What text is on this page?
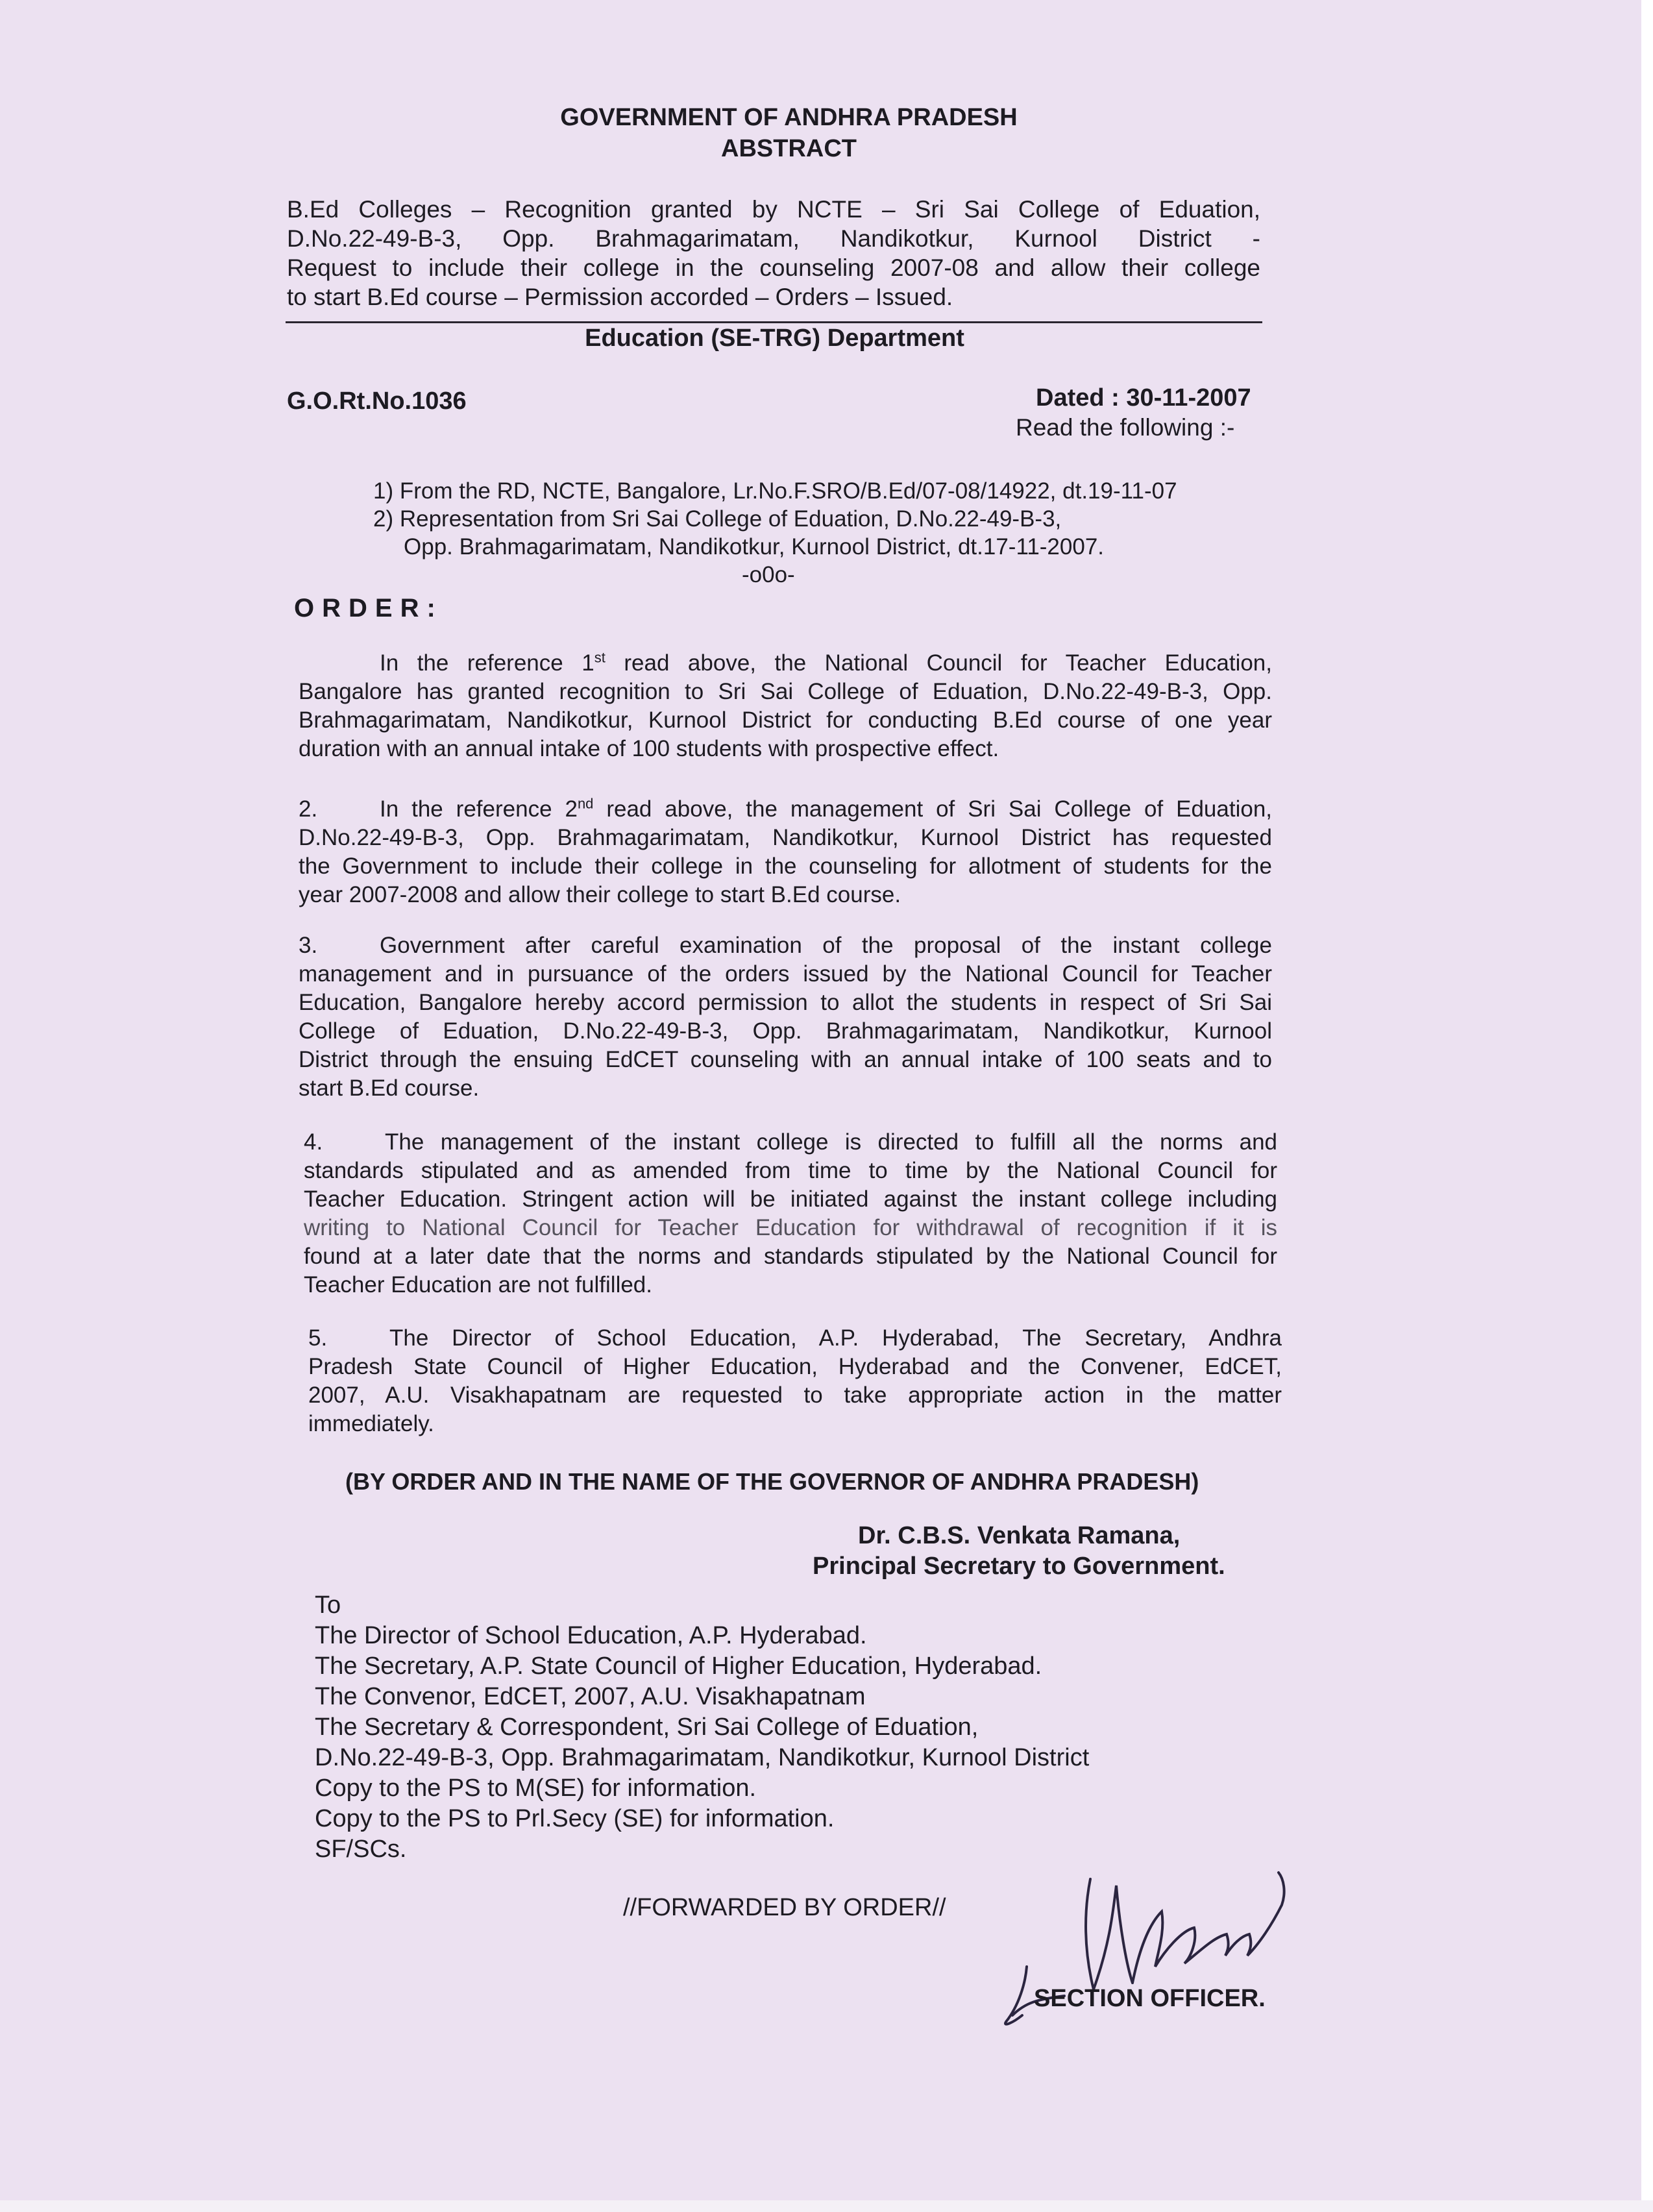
GOVERNMENT OF ANDHRA PRADESH
ABSTRACT
B.Ed Colleges – Recognition granted by NCTE – Sri Sai College of Eduation,
D.No.22-49-B-3, Opp. Brahmagarimatam, Nandikotkur, Kurnool District -
Request to include their college in the counseling 2007-08 and allow their college
to start B.Ed course – Permission accorded – Orders – Issued.
Education (SE-TRG) Department
G.O.Rt.No.1036	Dated : 30-11-2007
Read the following :-
1) From the RD, NCTE, Bangalore, Lr.No.F.SRO/B.Ed/07-08/14922, dt.19-11-07
2) Representation from Sri Sai College of Eduation, D.No.22-49-B-3,
Opp. Brahmagarimatam, Nandikotkur, Kurnool District, dt.17-11-2007.
-o0o-
ORDER:
In the reference 1st read above, the National Council for Teacher Education,
Bangalore has granted recognition to Sri Sai College of Eduation, D.No.22-49-B-3, Opp.
Brahmagarimatam, Nandikotkur, Kurnool District for conducting B.Ed course of one year
duration with an annual intake of 100 students with prospective effect.
2.	In the reference 2nd read above, the management of Sri Sai College of Eduation,
D.No.22-49-B-3, Opp. Brahmagarimatam, Nandikotkur, Kurnool District has requested
the Government to include their college in the counseling for allotment of students for the
year 2007-2008 and allow their college to start B.Ed course.
3.	Government after careful examination of the proposal of the instant college
management and in pursuance of the orders issued by the National Council for Teacher
Education, Bangalore hereby accord permission to allot the students in respect of Sri Sai
College of Eduation, D.No.22-49-B-3, Opp. Brahmagarimatam, Nandikotkur, Kurnool
District through the ensuing EdCET counseling with an annual intake of 100 seats and to
start B.Ed course.
4.	The management of the instant college is directed to fulfill all the norms and
standards stipulated and as amended from time to time by the National Council for
Teacher Education. Stringent action will be initiated against the instant college including
writing to National Council for Teacher Education for withdrawal of recognition if it is
found at a later date that the norms and standards stipulated by the National Council for
Teacher Education are not fulfilled.
5.	The Director of School Education, A.P. Hyderabad, The Secretary, Andhra
Pradesh State Council of Higher Education, Hyderabad and the Convener, EdCET,
2007, A.U. Visakhapatnam are requested to take appropriate action in the matter
immediately.
(BY ORDER AND IN THE NAME OF THE GOVERNOR OF ANDHRA PRADESH)
Dr. C.B.S. Venkata Ramana,
Principal Secretary to Government.
To
The Director of School Education, A.P. Hyderabad.
The Secretary, A.P. State Council of Higher Education, Hyderabad.
The Convenor, EdCET, 2007, A.U. Visakhapatnam
The Secretary & Correspondent, Sri Sai College of Eduation,
D.No.22-49-B-3, Opp. Brahmagarimatam, Nandikotkur, Kurnool District
Copy to the PS to M(SE) for information.
Copy to the PS to Prl.Secy (SE) for information.
SF/SCs.
//FORWARDED BY ORDER//
SECTION OFFICER.
